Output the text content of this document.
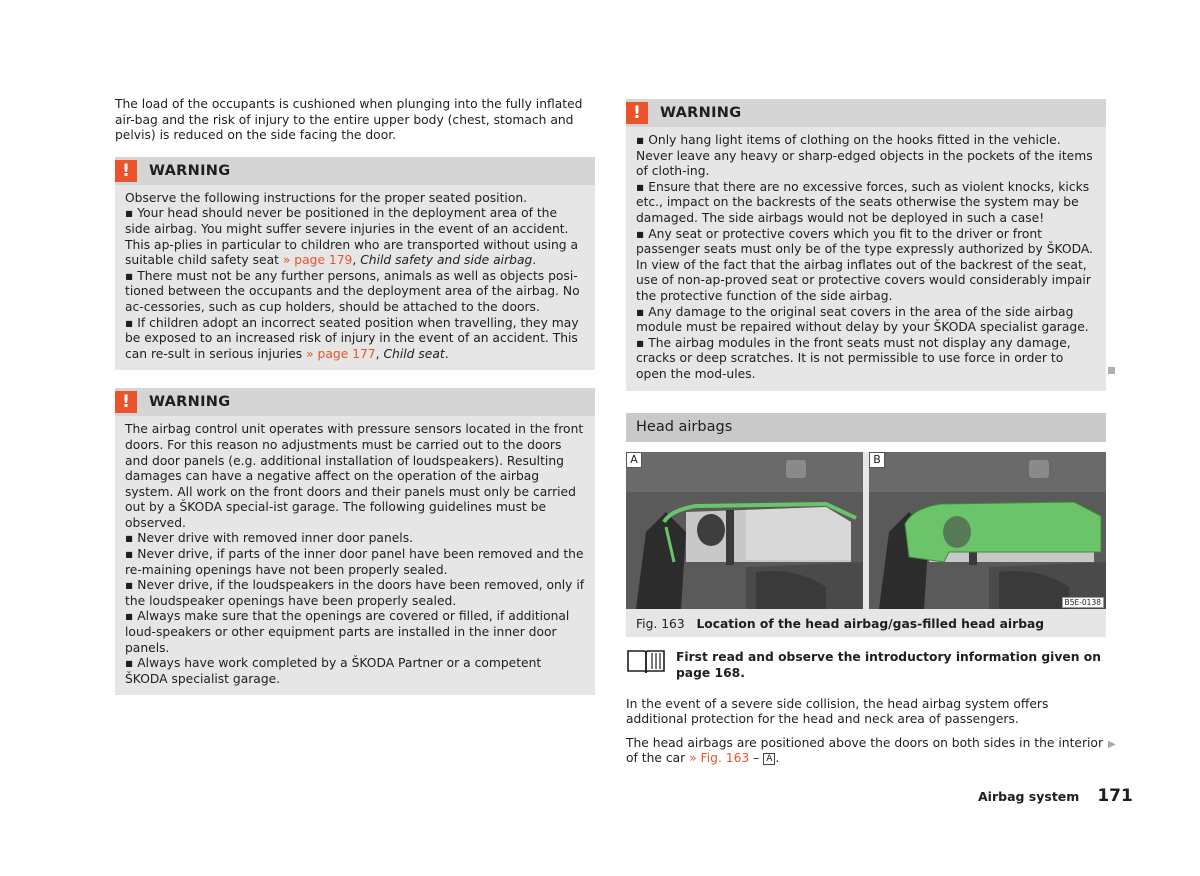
The load of the occupants is cushioned when plunging into the fully inflated air-bag and the risk of injury to the entire upper body (chest, stomach and pelvis) is reduced on the side facing the door.

!	WARNING

Observe the following instructions for the proper seated position.

▪ Your head should never be positioned in the deployment area of the side airbag. You might suffer severe injuries in the event of an accident. This ap-plies in particular to children who are transported without using a suitable child safety seat » page 179, Child safety and side airbag.

▪ There must not be any further persons, animals as well as objects posi-tioned between the occupants and the deployment area of the airbag. No ac-cessories, such as cup holders, should be attached to the doors.

▪ If children adopt an incorrect seated position when travelling, they may be exposed to an increased risk of injury in the event of an accident. This can re-sult in serious injuries » page 177, Child seat.

!	WARNING

The airbag control unit operates with pressure sensors located in the front doors. For this reason no adjustments must be carried out to the doors and door panels (e.g. additional installation of loudspeakers). Resulting damages can have a negative affect on the operation of the airbag system. All work on the front doors and their panels must only be carried out by a ŠKODA special-ist garage. The following guidelines must be observed.

▪ Never drive with removed inner door panels.

▪ Never drive, if parts of the inner door panel have been removed and the re-maining openings have not been properly sealed.

▪ Never drive, if the loudspeakers in the doors have been removed, only if the loudspeaker openings have been properly sealed.

▪ Always make sure that the openings are covered or filled, if additional loud-speakers or other equipment parts are installed in the inner door panels.

▪ Always have work completed by a ŠKODA Partner or a competent ŠKODA specialist garage.

!	WARNING

▪ Only hang light items of clothing on the hooks fitted in the vehicle. Never leave any heavy or sharp-edged objects in the pockets of the items of cloth-ing.

▪ Ensure that there are no excessive forces, such as violent knocks, kicks etc., impact on the backrests of the seats otherwise the system may be damaged. The side airbags would not be deployed in such a case!

▪ Any seat or protective covers which you fit to the driver or front passenger seats must only be of the type expressly authorized by ŠKODA. In view of the fact that the airbag inflates out of the backrest of the seat, use of non-ap-proved seat or protective covers would considerably impair the protective function of the side airbag.

▪ Any damage to the original seat covers in the area of the side airbag module must be repaired without delay by your ŠKODA specialist garage.

▪ The airbag modules in the front seats must not display any damage, cracks or deep scratches. It is not permissible to use force in order to open the mod-ules.

Head airbags
A	B
B5E-0138
Fig. 163 Location of the head airbag/gas-filled head airbag
First read and observe the introductory information given on page 168.

In the event of a severe side collision, the head airbag system offers additional protection for the head and neck area of passengers.

The head airbags are positioned above the doors on both sides in the interior of the car » Fig. 163 – A .

▶
Airbag system 171
